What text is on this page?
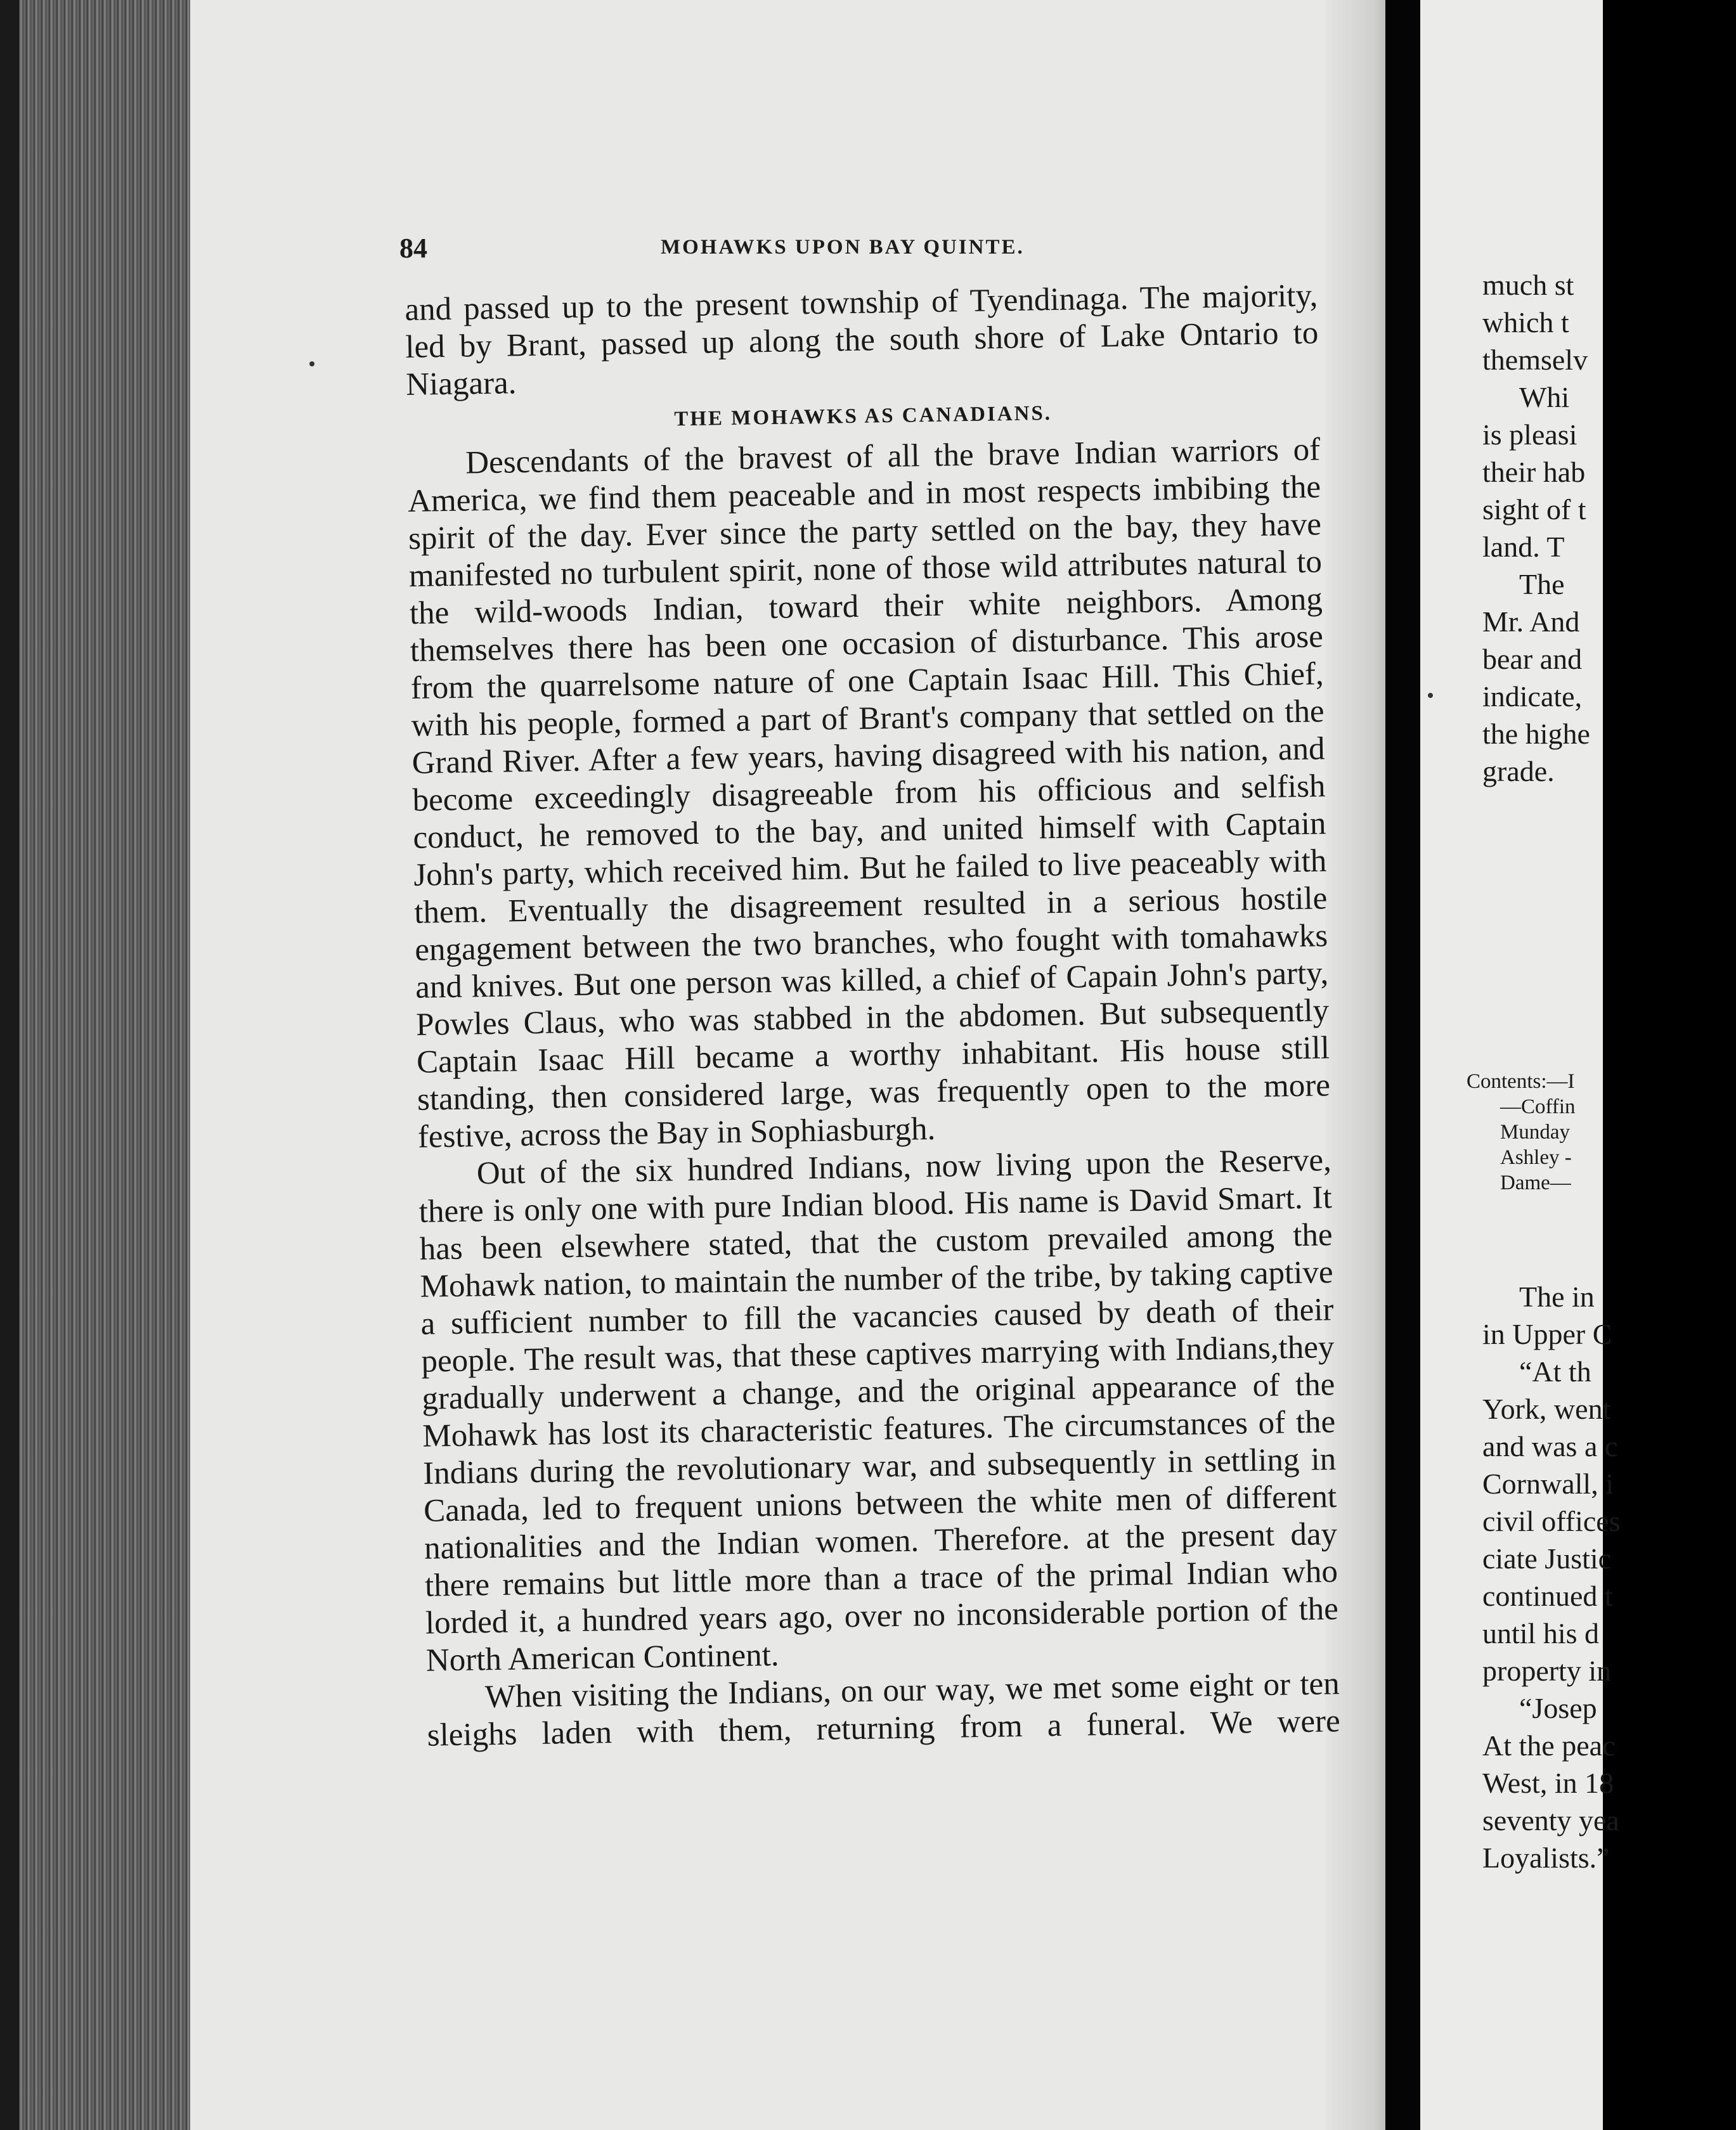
84	MOHAWKS UPON BAY QUINTE.

and passed up to the present township of Tyendinaga. The majority, led by Brant, passed up along the south shore of Lake Ontario to Niagara.

THE MOHAWKS AS CANADIANS.

Descendants of the bravest of all the brave Indian warriors of America, we find them peaceable and in most respects imbibing the spirit of the day. Ever since the party settled on the bay, they have manifested no turbulent spirit, none of those wild attributes natural to the wild-woods Indian, toward their white neighbors. Among themselves there has been one occasion of disturbance. This arose from the quarrelsome nature of one Captain Isaac Hill. This Chief, with his people, formed a part of Brant's company that settled on the Grand River. After a few years, having disagreed with his nation, and become exceedingly disagreeable from his officious and selfish conduct, he removed to the bay, and united himself with Captain John's party, which received him. But he failed to live peaceably with them. Eventually the disagreement resulted in a serious hostile engagement between the two branches, who fought with tomahawks and knives. But one person was killed, a chief of Capain John's party, Powles Claus, who was stabbed in the abdomen. But subsequently Captain Isaac Hill became a worthy inhabitant. His house still standing, then considered large, was frequently open to the more festive, across the Bay in Sophiasburgh.

Out of the six hundred Indians, now living upon the Reserve, there is only one with pure Indian blood. His name is David Smart. It has been elsewhere stated, that the custom prevailed among the Mohawk nation, to maintain the number of the tribe, by taking captive a sufficient number to fill the vacancies caused by death of their people. The result was, that these captives marrying with Indians,they gradually underwent a change, and the original appearance of the Mohawk has lost its characteristic features. The circumstances of the Indians during the revolutionary war, and subsequently in settling in Canada, led to frequent unions between the white men of different nationalities and the Indian women. Therefore. at the present day there remains but little more than a trace of the primal Indian who lorded it, a hundred years ago, over no inconsiderable portion of the North American Continent.

When visiting the Indians, on our way, we met some eight or ten sleighs laden with them, returning from a funeral. We were

much st
which t
themselv
Whi
is pleasi
their hab
sight of t
land. T
The
Mr. And
bear and
indicate,
the highe
grade.
Contents:—I
—Coffin
Munday
Ashley -
Dame—
The in
in Upper C
“At th
York, went
and was a c
Cornwall, i
civil offices
ciate Justic
continued t
until his d
property in
“Josep
At the peac
West, in 18
seventy yea
Loyalists.”
